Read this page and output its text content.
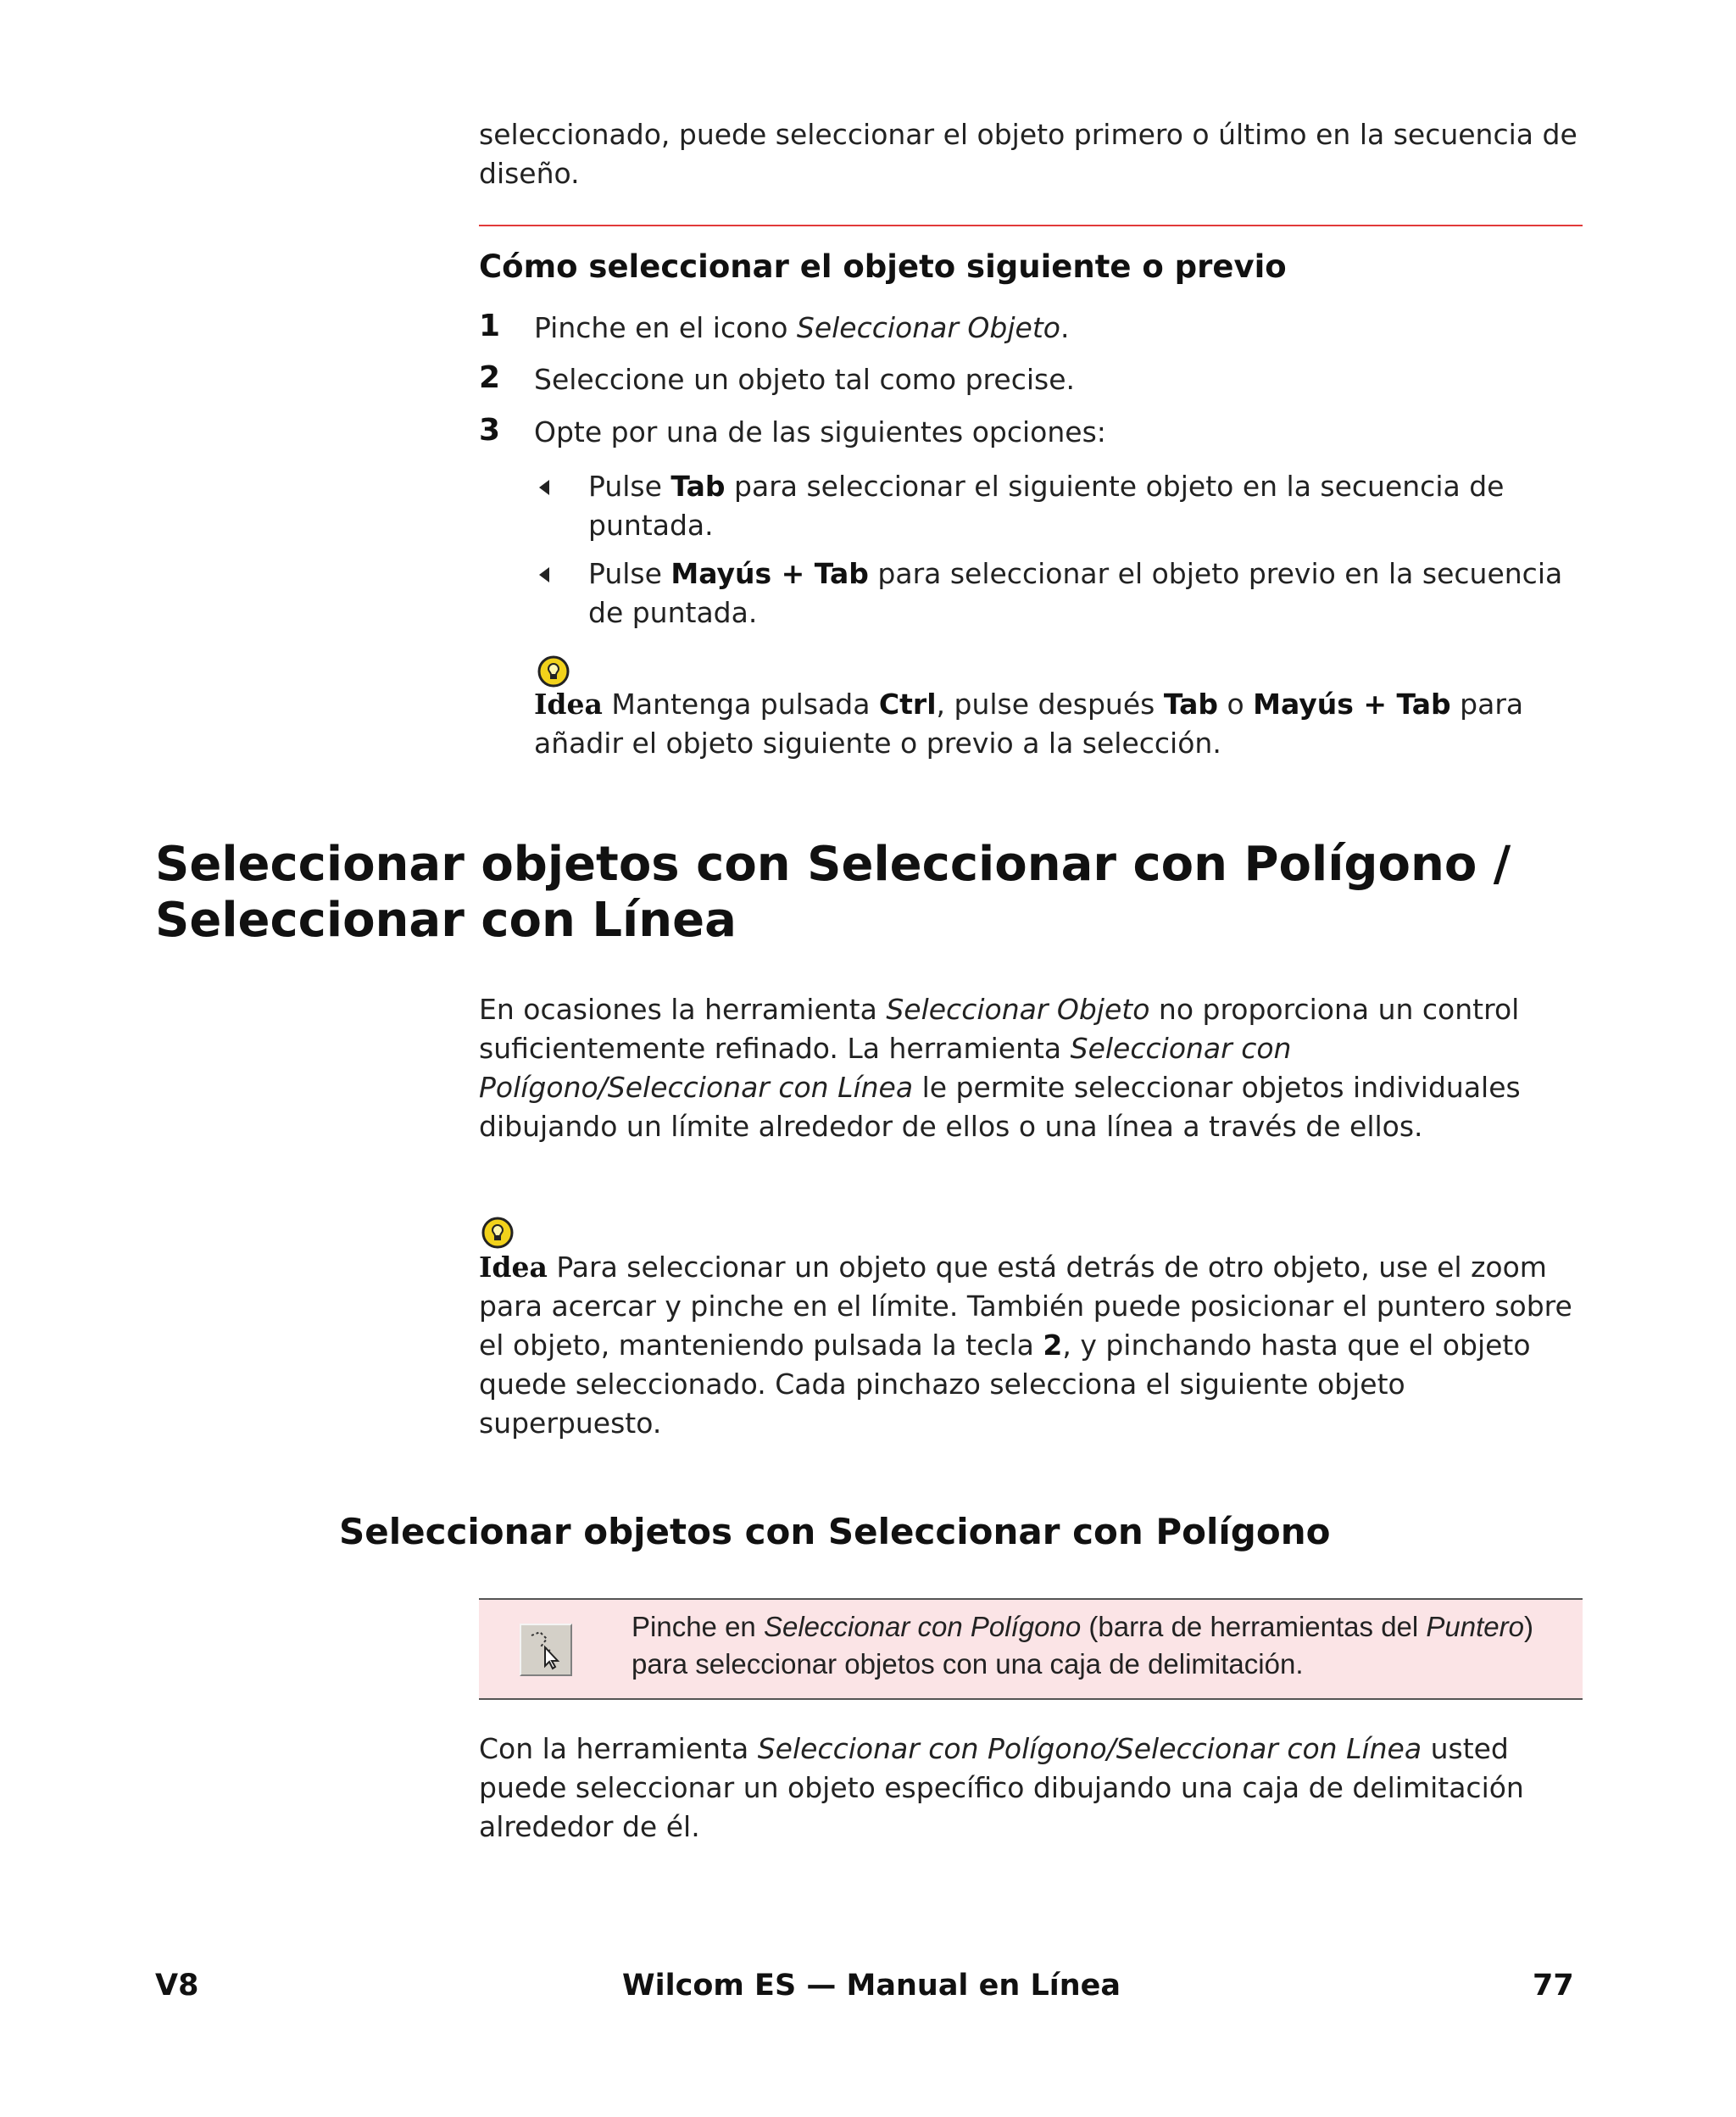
seleccionado, puede seleccionar el objeto primero o último en la secuencia de diseño.
Cómo seleccionar el objeto siguiente o previo
1 Pinche en el icono Seleccionar Objeto.
2 Seleccione un objeto tal como precise.
3 Opte por una de las siguientes opciones:
Pulse Tab para seleccionar el siguiente objeto en la secuencia de puntada.
Pulse Mayús + Tab para seleccionar el objeto previo en la secuencia de puntada.
Idea Mantenga pulsada Ctrl, pulse después Tab o Mayús + Tab para añadir el objeto siguiente o previo a la selección.
Seleccionar objetos con Seleccionar con Polígono / Seleccionar con Línea
En ocasiones la herramienta Seleccionar Objeto no proporciona un control suficientemente refinado. La herramienta Seleccionar con Polígono/Seleccionar con Línea le permite seleccionar objetos individuales dibujando un límite alrededor de ellos o una línea a través de ellos.
Idea Para seleccionar un objeto que está detrás de otro objeto, use el zoom para acercar y pinche en el límite. También puede posicionar el puntero sobre el objeto, manteniendo pulsada la tecla 2, y pinchando hasta que el objeto quede seleccionado. Cada pinchazo selecciona el siguiente objeto superpuesto.
Seleccionar objetos con Seleccionar con Polígono
Pinche en Seleccionar con Polígono (barra de herramientas del Puntero) para seleccionar objetos con una caja de delimitación.
Con la herramienta Seleccionar con Polígono/Seleccionar con Línea usted puede seleccionar un objeto específico dibujando una caja de delimitación alrededor de él.
V8	Wilcom ES — Manual en Línea	77
